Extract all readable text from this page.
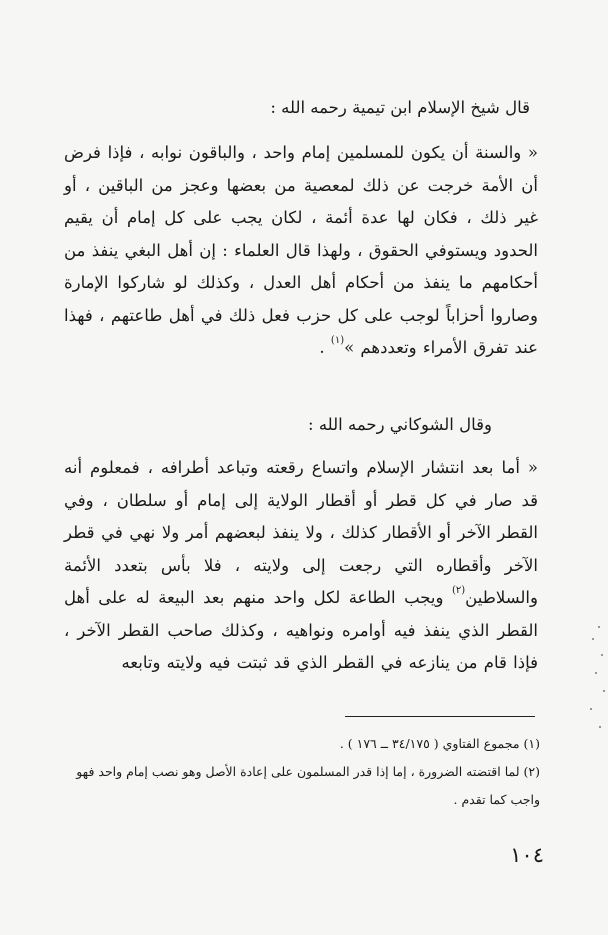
قال شيخ الإسلام ابن تيمية رحمه الله :
« والسنة أن يكون للمسلمين إمام واحد ، والباقون نوابه ، فإذا فرض أن الأمة خرجت عن ذلك لمعصية من بعضها وعجز من الباقين ، أو غير ذلك ، فكان لها عدة أئمة ، لكان يجب على كل إمام أن يقيم الحدود ويستوفي الحقوق ، ولهذا قال العلماء : إن أهل البغي ينفذ من أحكامهم ما ينفذ من أحكام أهل العدل ، وكذلك لو شاركوا الإمارة وصاروا أحزاباً لوجب على كل حزب فعل ذلك في أهل طاعتهم ، فهذا عند تفرق الأمراء وتعددهم »$^{(١)}$ .
وقال الشوكاني رحمه الله :
« أما بعد انتشار الإسلام واتساع رقعته وتباعد أطرافه ، فمعلوم أنه قد صار في كل قطر أو أقطار الولاية إلى إمام أو سلطان ، وفي القطر الآخر أو الأقطار كذلك ، ولا ينفذ لبعضهم أمر ولا نهي في قطر الآخر وأقطاره التي رجعت إلى ولايته ، فلا بأس بتعدد الأئمة والسلاطين$^{(٢)}$ ويجب الطاعة لكل واحد منهم بعد البيعة له على أهل القطر الذي ينفذ فيه أوامره ونواهيه ، وكذلك صاحب القطر الآخر ، فإذا قام من ينازعه في القطر الذي قد ثبتت فيه ولايته وتابعه
(١) مجموع الفتاوي ( ٣٤/١٧٥ ــ ١٧٦ ) .
(٢) لما اقتضته الضرورة ، إما إذا قدر المسلمون على إعادة الأصل وهو نصب إمام واحد فهو واجب كما تقدم .
١٠٤
